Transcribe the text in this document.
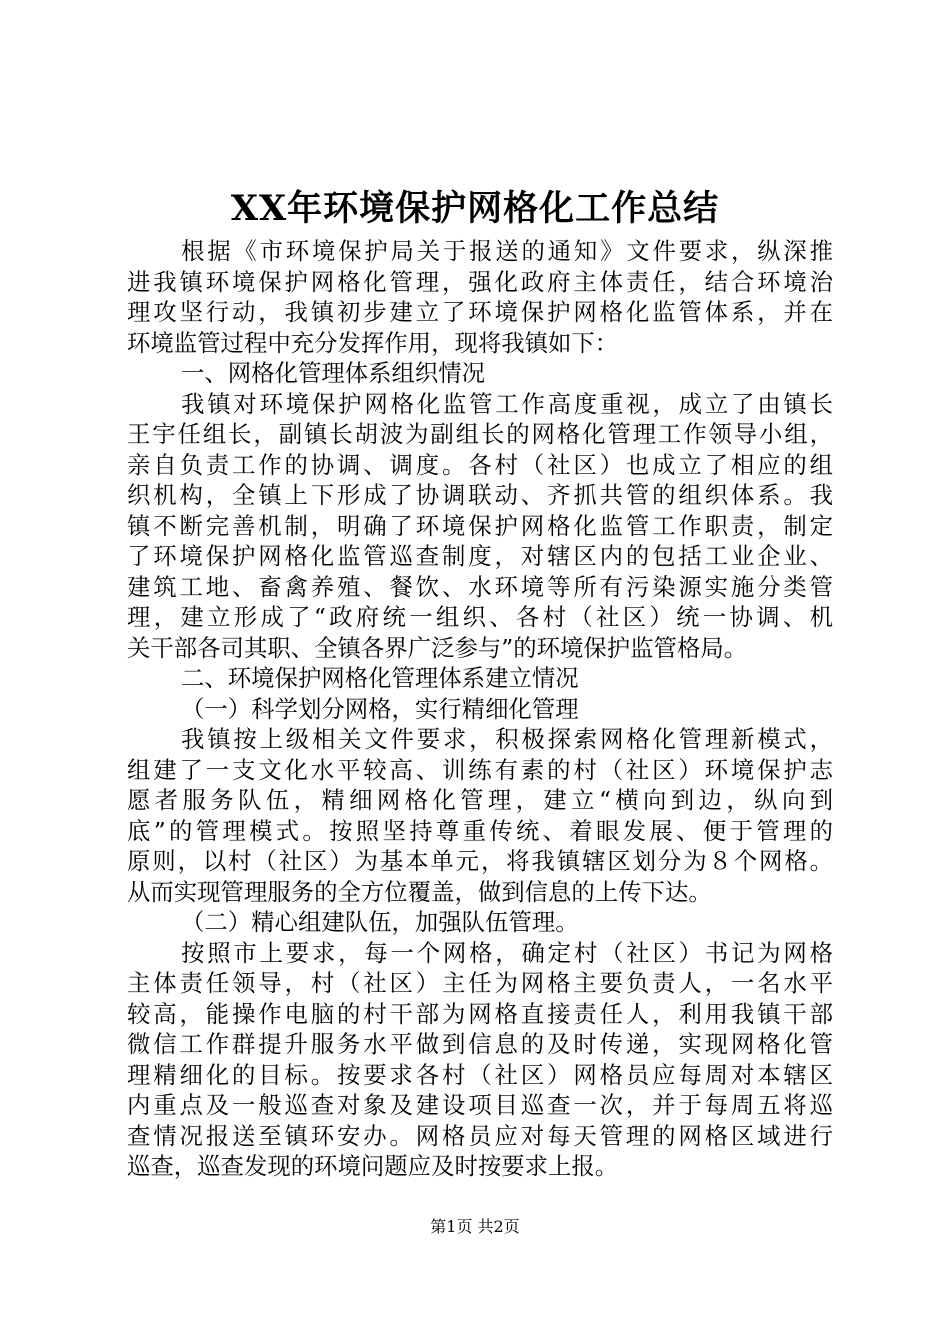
XX年环境保护网格化工作总结
根据《市环境保护局关于报送的通知》文件要求，纵深推
进我镇环境保护网格化管理，强化政府主体责任，结合环境治
理攻坚行动，我镇初步建立了环境保护网格化监管体系，并在
环境监管过程中充分发挥作用，现将我镇如下：
一、网格化管理体系组织情况
我镇对环境保护网格化监管工作高度重视，成立了由镇长
王宇任组长，副镇长胡波为副组长的网格化管理工作领导小组，
亲自负责工作的协调、调度。各村（社区）也成立了相应的组
织机构，全镇上下形成了协调联动、齐抓共管的组织体系。我
镇不断完善机制，明确了环境保护网格化监管工作职责，制定
了环境保护网格化监管巡查制度，对辖区内的包括工业企业、
建筑工地、畜禽养殖、餐饮、水环境等所有污染源实施分类管
理，建立形成了“政府统一组织、各村（社区）统一协调、机
关干部各司其职、全镇各界广泛参与”的环境保护监管格局。
二、环境保护网格化管理体系建立情况
（一）科学划分网格，实行精细化管理
我镇按上级相关文件要求，积极探索网格化管理新模式，
组建了一支文化水平较高、训练有素的村（社区）环境保护志
愿者服务队伍，精细网格化管理，建立“横向到边，纵向到
底”的管理模式。按照坚持尊重传统、着眼发展、便于管理的
原则，以村（社区）为基本单元，将我镇辖区划分为８个网格。
从而实现管理服务的全方位覆盖，做到信息的上传下达。
（二）精心组建队伍，加强队伍管理。
按照市上要求，每一个网格，确定村（社区）书记为网格
主体责任领导，村（社区）主任为网格主要负责人，一名水平
较高，能操作电脑的村干部为网格直接责任人，利用我镇干部
微信工作群提升服务水平做到信息的及时传递，实现网格化管
理精细化的目标。按要求各村（社区）网格员应每周对本辖区
内重点及一般巡查对象及建设项目巡查一次，并于每周五将巡
查情况报送至镇环安办。网格员应对每天管理的网格区域进行
巡查，巡查发现的环境问题应及时按要求上报。
第1页 共2页
